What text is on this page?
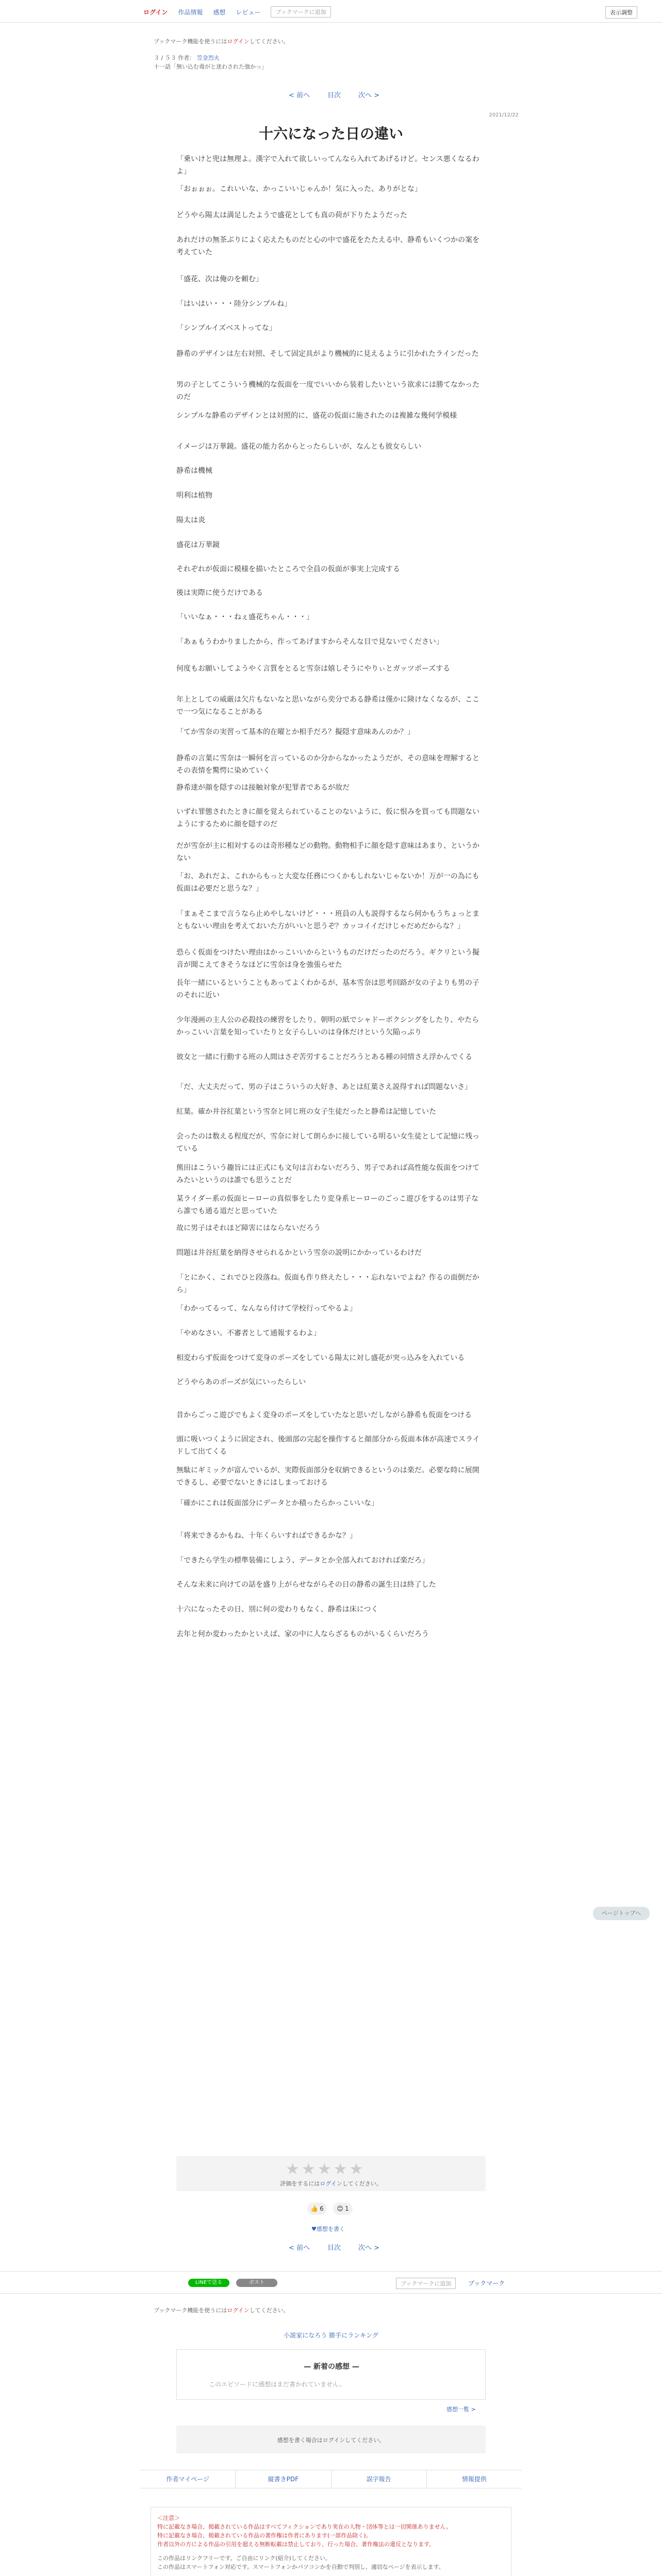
ログイン 作品情報 感想 レビュー	ブックマークに追加	表示調整
ブックマーク機能を使うにはログインしてください。
３ / ５３ 作者： 笠金烈火
十一話「無い込む毒がと迷わされた強かっ」
< 前へ	目次	次へ >
2021/12/22
十六になった日の違い
「乗いけと兜は無理よ。漢字で入れて欲しいってんなら入れてあげるけど。センス悪くなるわよ」
「おぉぉぉ。これいいな、かっこいいじゃんか！気に入った、ありがとな」
どうやら陽太は満足したようで盛花としても真の荷が下りたようだった
あれだけの無茶ぶりによく応えたものだと心の中で盛花をたたえる中、静希もいくつかの案を考えていた
「盛花、次は俺のを頼む」
「はいはい・・・陸分シンプルね」
「シンプルイズベストってな」
静希のデザインは左右対照、そして固定具がより機械的に見えるように引かれたラインだった
男の子としてこういう機械的な仮面を一度でいいから装着したいという欲求には勝てなかったのだ
シンプルな静希のデザインとは対照的に、盛花の仮面に施されたのは複雑な幾何学模様
イメージは万華鏡。盛花の能力名からとったらしいが、なんとも彼女らしい
静希は機械
明利は植物
陽太は炎
盛花は万華鏡
それぞれが仮面に模様を描いたところで全員の仮面が事実上完成する
後は実際に使うだけである
「いいなぁ・・・ねぇ盛花ちゃん・・・」
「あぁもうわかりましたから、作ってあげますからそんな目で見ないでください」
何度もお願いしてようやく言質をとると雪奈は嬉しそうにやりぃとガッツポーズする
年上としての威厳は欠片もないなと思いながら奕分である静希は僅かに険けなくなるが、ここで一つ気になることがある
「てか雪奈の実習って基本的在曜とか相手だろ？擬隠す意味あんのか？」
静希の言葉に雪奈は一瞬何を言っているのか分からなかったようだが、その意味を理解するとその表情を驚愕に染めていく
静希達が顔を隠すのは接触対象が犯罪者であるが故だ
いずれ罪態されたときに顔を覚えられていることのないように、仮に恨みを買っても問題ないようにするために顔を隠すのだ
だが雪奈が主に相対するのは奇形種などの動物。動物相手に顔を隠す意味はあまり、というかない
「お、あれだよ、これからもっと大変な任務につくかもしれないじゃないか！万が一の為にも仮面は必要だと思うな？」
「まぁそこまで言うなら止めやしないけど・・・班員の人も説得するなら何かもうちょっとまともないい理由を考えておいた方がいいと思うぞ？カッコイイだけじゃだめだからな？」
恐らく仮面をつけたい理由はかっこいいからというものだけだったのだろう。ギクリという擬音が聞こえてきそうなほどに雪奈は身を強張らせた
長年一緒にいるということもあってよくわかるが、基本雪奈は思考回路が女の子よりも男の子のそれに近い
少年漫画の主人公の必殺技の練習をしたり、朝明の紙でシャドーボクシングをしたり、やたらかっこいい言葉を知っていたりと女子らしいのは身体だけという欠陥っぷり
彼女と一緒に行動する班の人間はさぞ苦労することだろうとある種の同情さえ浮かんでくる
「だ、大丈夫だって、男の子はこういうの大好き、あとは紅葉さえ説得すれば問題ないさ」
紅葉。確か井谷紅葉という雪奈と同じ班の女子生徒だったと静希は記憶していた
会ったのは数える程度だが、雪奈に対して朗らかに接している明るい女生徒として記憶に残っている
熊田はこういう趣旨には正式にも文句は言わないだろう、男子であれば高性能な仮面をつけてみたいというのは誰でも思うことだ
某ライダー系の仮面ヒーローの真似事をしたり変身系ヒーローのごっこ遊びをするのは男子なら誰でも通る道だと思っていた
故に男子はそれほど障害にはならないだろう
問題は井谷紅葉を納得させられるかという雪奈の説明にかかっているわけだ
「とにかく、これでひと段落ね。仮面も作り終えたし・・・忘れないでよね？作るの面倒だから」
「わかってるって、なんなら付けて学校行ってやるよ」
「やめなさい。不審者として通報するわよ」
相変わらず仮面をつけて変身のポーズをしている陽太に対し盛花が突っ込みを入れている
どうやらあのポーズが気にいったらしい
昔からごっこ遊びでもよく変身のポーズをしていたなと思いだしながら静希も仮面をつける
頭に吸いつくように固定され、後頭部の完起を操作すると顔部分から仮面本体が高速でスライドして出てくる
無駄にギミックが富んでいるが、実際仮面部分を収納できるというのは楽だ。必要な時に展開できるし、必要でないときにはしまっておける
「確かにこれは仮面部分にデータとか積ったらかっこいいな」
「将来できるかもね、十年くらいすればできるかな？」
「できたら学生の標準装備にしよう、データとか全部入れておければ楽だろ」
そんな未来に向けての話を盛り上がらせながらその日の静希の誕生日は終了した
十六になったその日、別に何の変わりもなく、静希は床につく
去年と何か変わったかといえば、家の中に人ならざるものがいるくらいだろう
★★★★★
評価をするにはログインしてください。
👍 6 😊 1
♥感想を書く
< 前へ	目次	次へ >
LINEで送る	ポスト	ブックマークに追加	ブックマーク
ブックマーク機能を使うにはログインしてください。
小説家になろう 勝手にランキング
— 新着の感想 —
このエピソードに感想はまだ書かれていません。
感想一覧 >
感想を書く場合はログインしてください。
作者マイページ	縦書きPDF	誤字報告	情報提供

＜注意＞

特に記載なき場合、掲載されている作品はすべてフィクションであり実在の人物・団体等とは一切関係ありません。

特に記載なき場合、掲載されている作品の著作権は作者にあります(一部作品除く)。

作者以外の方による作品の引用を超える無断転載は禁止しており、行った場合、著作権法の違反となります。

この作品はリンクフリーです。ご自由にリンク(紹介)してください。

この作品はスマートフォン対応です。スマートフォンかパソコンかを自動で判別し、適切なページを表示します。

ページトップへ
